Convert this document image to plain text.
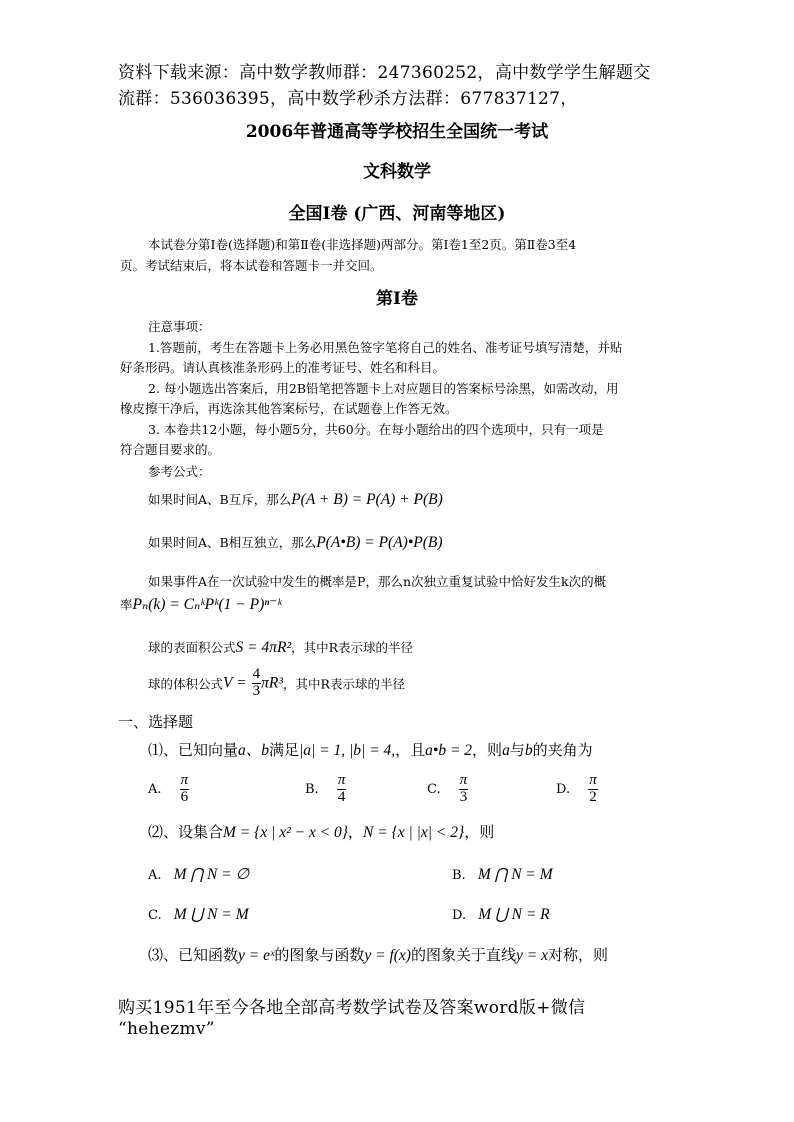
资料下载来源：高中数学教师群：247360252，高中数学学生解题交
流群：536036395，高中数学秒杀方法群：677837127，
2006年普通高等学校招生全国统一考试
文科数学
全国Ⅰ卷 (广西、河南等地区)
本试卷分第Ⅰ卷(选择题)和第Ⅱ卷(非选择题)两部分。第Ⅰ卷1至2页。第Ⅱ卷3至4
页。考试结束后，将本试卷和答题卡一并交回。
第Ⅰ卷
注意事项：
1.答题前，考生在答题卡上务必用黑色签字笔将自己的姓名、准考证号填写清楚，并贴
好条形码。请认真核准条形码上的准考证号、姓名和科目。
2. 每小题选出答案后，用2B铅笔把答题卡上对应题目的答案标号涂黑，如需改动，用
橡皮擦干净后，再选涂其他答案标号，在试题卷上作答无效。
3. 本卷共12小题，每小题5分，共60分。在每小题给出的四个选项中，只有一项是
符合题目要求的。
参考公式：
如果时间A、B互斥，那么P(A + B) = P(A) + P(B)
如果时间A、B相互独立，那么P(A•B) = P(A)•P(B)
如果事件A在一次试验中发生的概率是P，那么n次独立重复试验中恰好发生k次的概
率Pₙ(k) = CₙᵏPᵏ(1 − P)ⁿ⁻ᵏ
球的表面积公式S = 4πR²，其中R表示球的半径
球的体积公式$V = \frac{4}{3} \pi R^3$，其中R表示球的半径
一、选择题
⑴、已知向量a、b满足|a| = 1, |b| = 4,，且a•b = 2，则a与b的夹角为
A. $\frac{\pi}{6}$	B. $\frac{\pi}{4}$	C. $\frac{\pi}{3}$	D. $\frac{\pi}{2}$
⑵、设集合M = {x | x² − x < 0}，N = {x | |x| < 2}，则
A. M ⋂ N = ∅	B. M ⋂ N = M
C. M ⋃ N = M	D. M ⋃ N = R
⑶、已知函数y = eˣ的图象与函数y = f(x)的图象关于直线y = x对称，则
购买1951年至今各地全部高考数学试卷及答案word版+微信
“hehezmv”
